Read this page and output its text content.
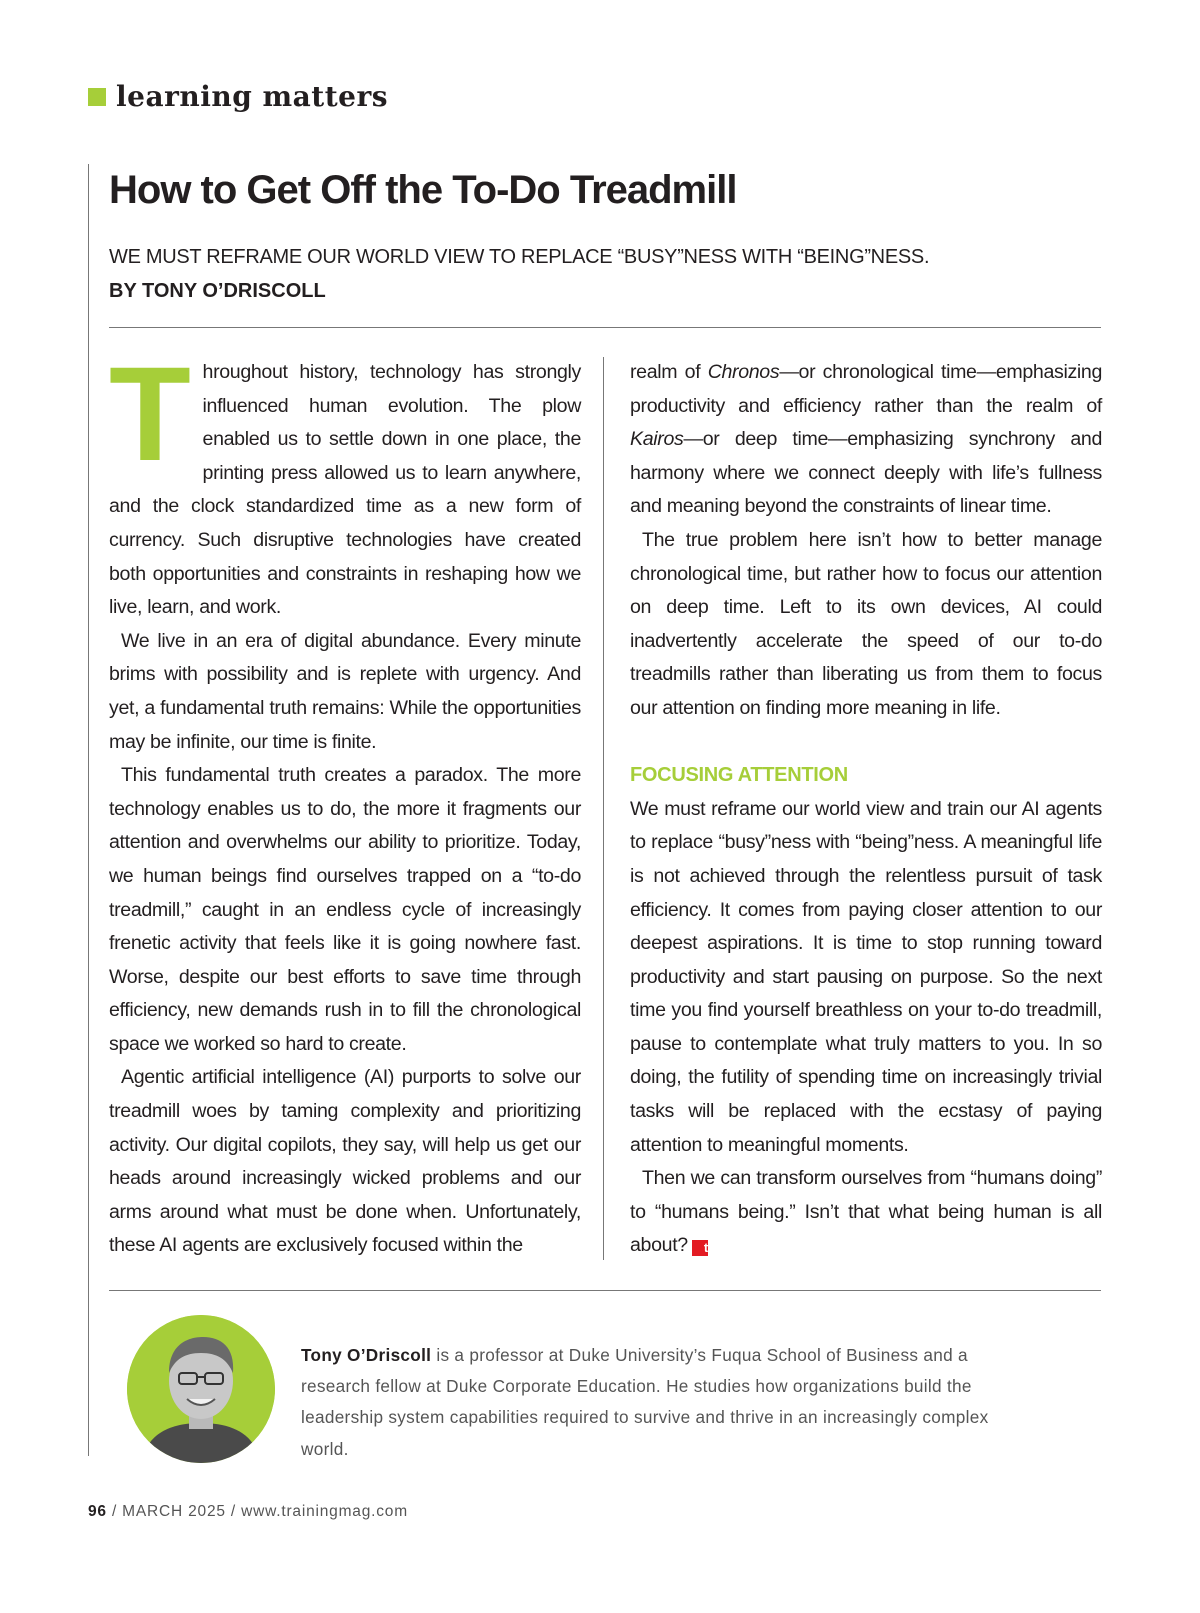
learning matters
How to Get Off the To-Do Treadmill
WE MUST REFRAME OUR WORLD VIEW TO REPLACE “BUSY”NESS WITH “BEING”NESS.
BY TONY O’DRISCOLL

Throughout history, technology has strongly influenced human evolution. The plow enabled us to settle down in one place, the printing press allowed us to learn anywhere, and the clock standardized time as a new form of currency. Such disruptive technologies have created both opportunities and constraints in reshaping how we live, learn, and work.

We live in an era of digital abundance. Every minute brims with possibility and is replete with urgency. And yet, a fundamental truth remains: While the opportunities may be infinite, our time is finite.

This fundamental truth creates a paradox. The more technology enables us to do, the more it fragments our attention and overwhelms our ability to prioritize. Today, we human beings find ourselves trapped on a “to-do treadmill,” caught in an endless cycle of increasingly frenetic activity that feels like it is going nowhere fast. Worse, despite our best efforts to save time through efficiency, new demands rush in to fill the chronological space we worked so hard to create.

Agentic artificial intelligence (AI) purports to solve our treadmill woes by taming complexity and prioritizing activity. Our digital copilots, they say, will help us get our heads around increasingly wicked problems and our arms around what must be done when. Unfortunately, these AI agents are exclusively focused within the

realm of Chronos—or chronological time—emphasizing productivity and efficiency rather than the realm of Kairos—or deep time—emphasizing synchrony and harmony where we connect deeply with life’s fullness and meaning beyond the constraints of linear time.

The true problem here isn’t how to better manage chronological time, but rather how to focus our attention on deep time. Left to its own devices, AI could inadvertently accelerate the speed of our to-do treadmills rather than liberating us from them to focus our attention on finding more meaning in life.

FOCUSING ATTENTION

We must reframe our world view and train our AI agents to replace “busy”ness with “being”ness. A meaningful life is not achieved through the relentless pursuit of task efficiency. It comes from paying closer attention to our deepest aspirations. It is time to stop running toward productivity and start pausing on purpose. So the next time you find yourself breathless on your to-do treadmill, pause to contemplate what truly matters to you. In so doing, the futility of spending time on increasingly trivial tasks will be replaced with the ecstasy of paying attention to meaningful moments.

Then we can transform ourselves from “humans doing” to “humans being.” Isn’t that what being human is all about? t

Tony O’Driscoll is a professor at Duke University’s Fuqua School of Business and a research fellow at Duke Corporate Education. He studies how organizations build the leadership system capabilities required to survive and thrive in an increasingly complex world.

96 / MARCH 2025 / www.trainingmag.com
